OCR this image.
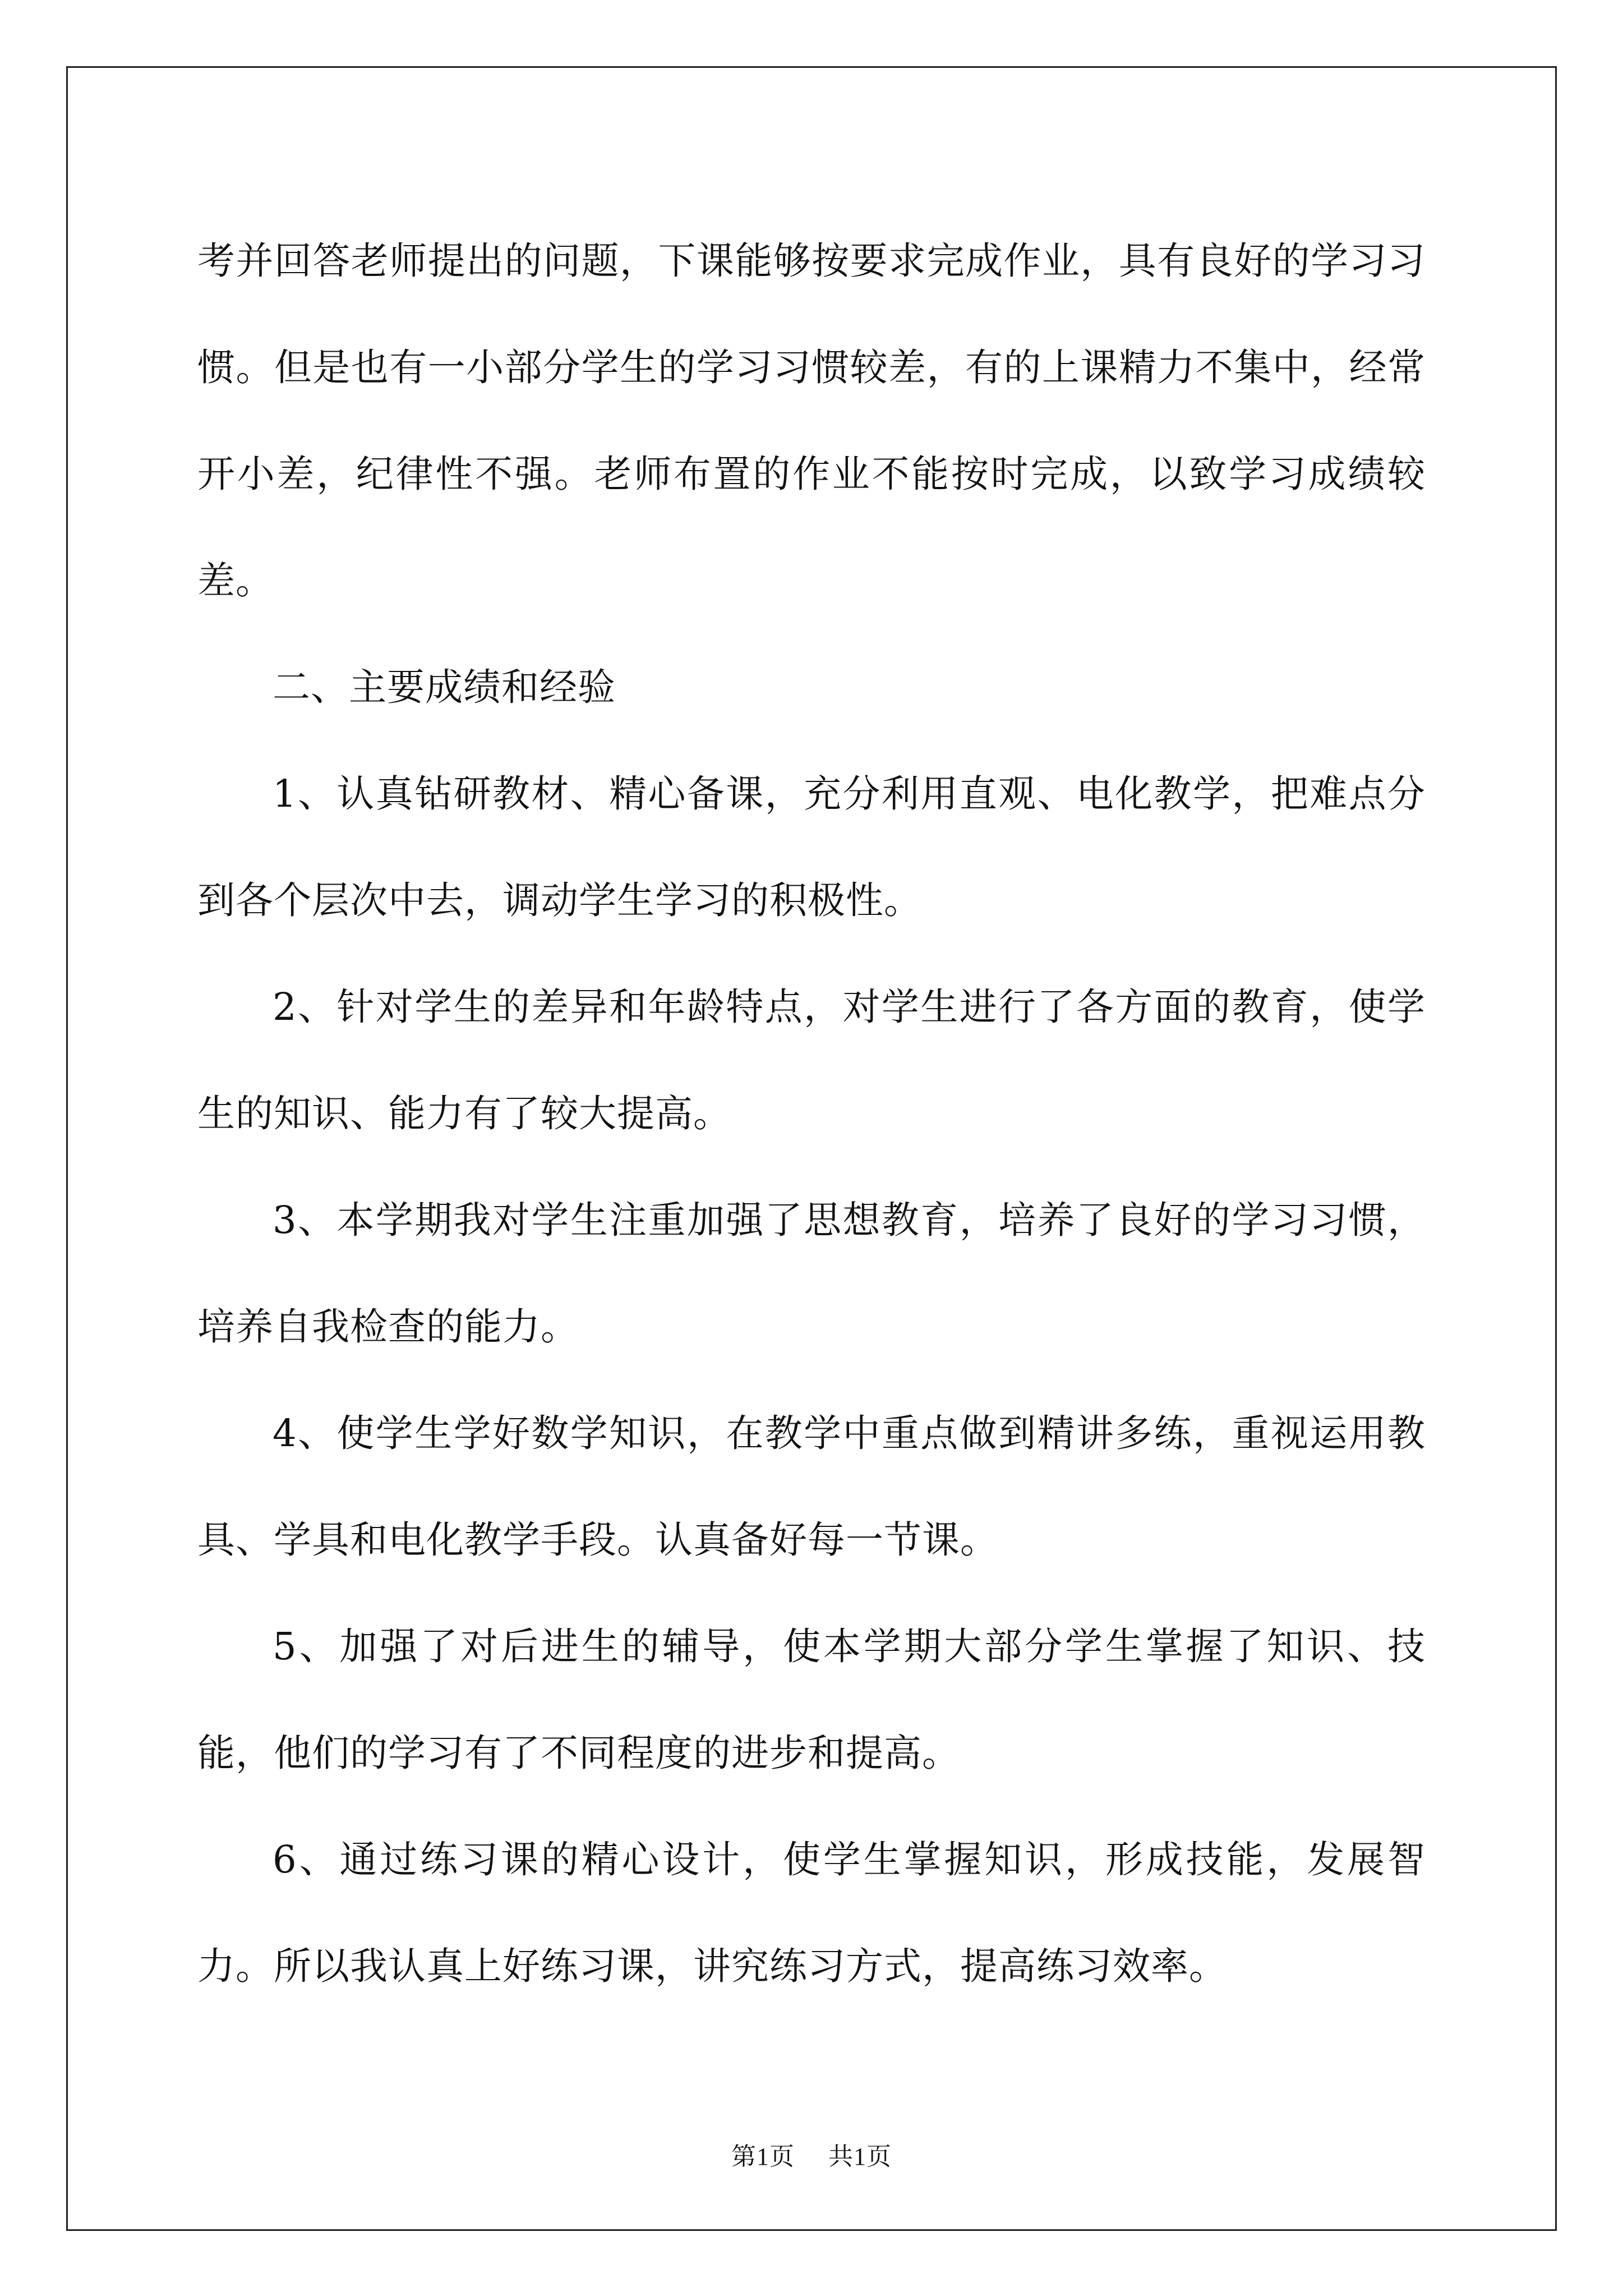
考并回答老师提出的问题，下课能够按要求完成作业，具有良好的学习习惯。但是也有一小部分学生的学习习惯较差，有的上课精力不集中，经常开小差，纪律性不强。老师布置的作业不能按时完成，以致学习成绩较差。

二、主要成绩和经验

1、认真钻研教材、精心备课，充分利用直观、电化教学，把难点分到各个层次中去，调动学生学习的积极性。

2、针对学生的差异和年龄特点，对学生进行了各方面的教育，使学生的知识、能力有了较大提高。

3、本学期我对学生注重加强了思想教育，培养了良好的学习习惯，培养自我检查的能力。

4、使学生学好数学知识，在教学中重点做到精讲多练，重视运用教具、学具和电化教学手段。认真备好每一节课。

5、加强了对后进生的辅导，使本学期大部分学生掌握了知识、技能，他们的学习有了不同程度的进步和提高。

6、通过练习课的精心设计，使学生掌握知识，形成技能，发展智力。所以我认真上好练习课，讲究练习方式，提高练习效率。

第1页 共1页
